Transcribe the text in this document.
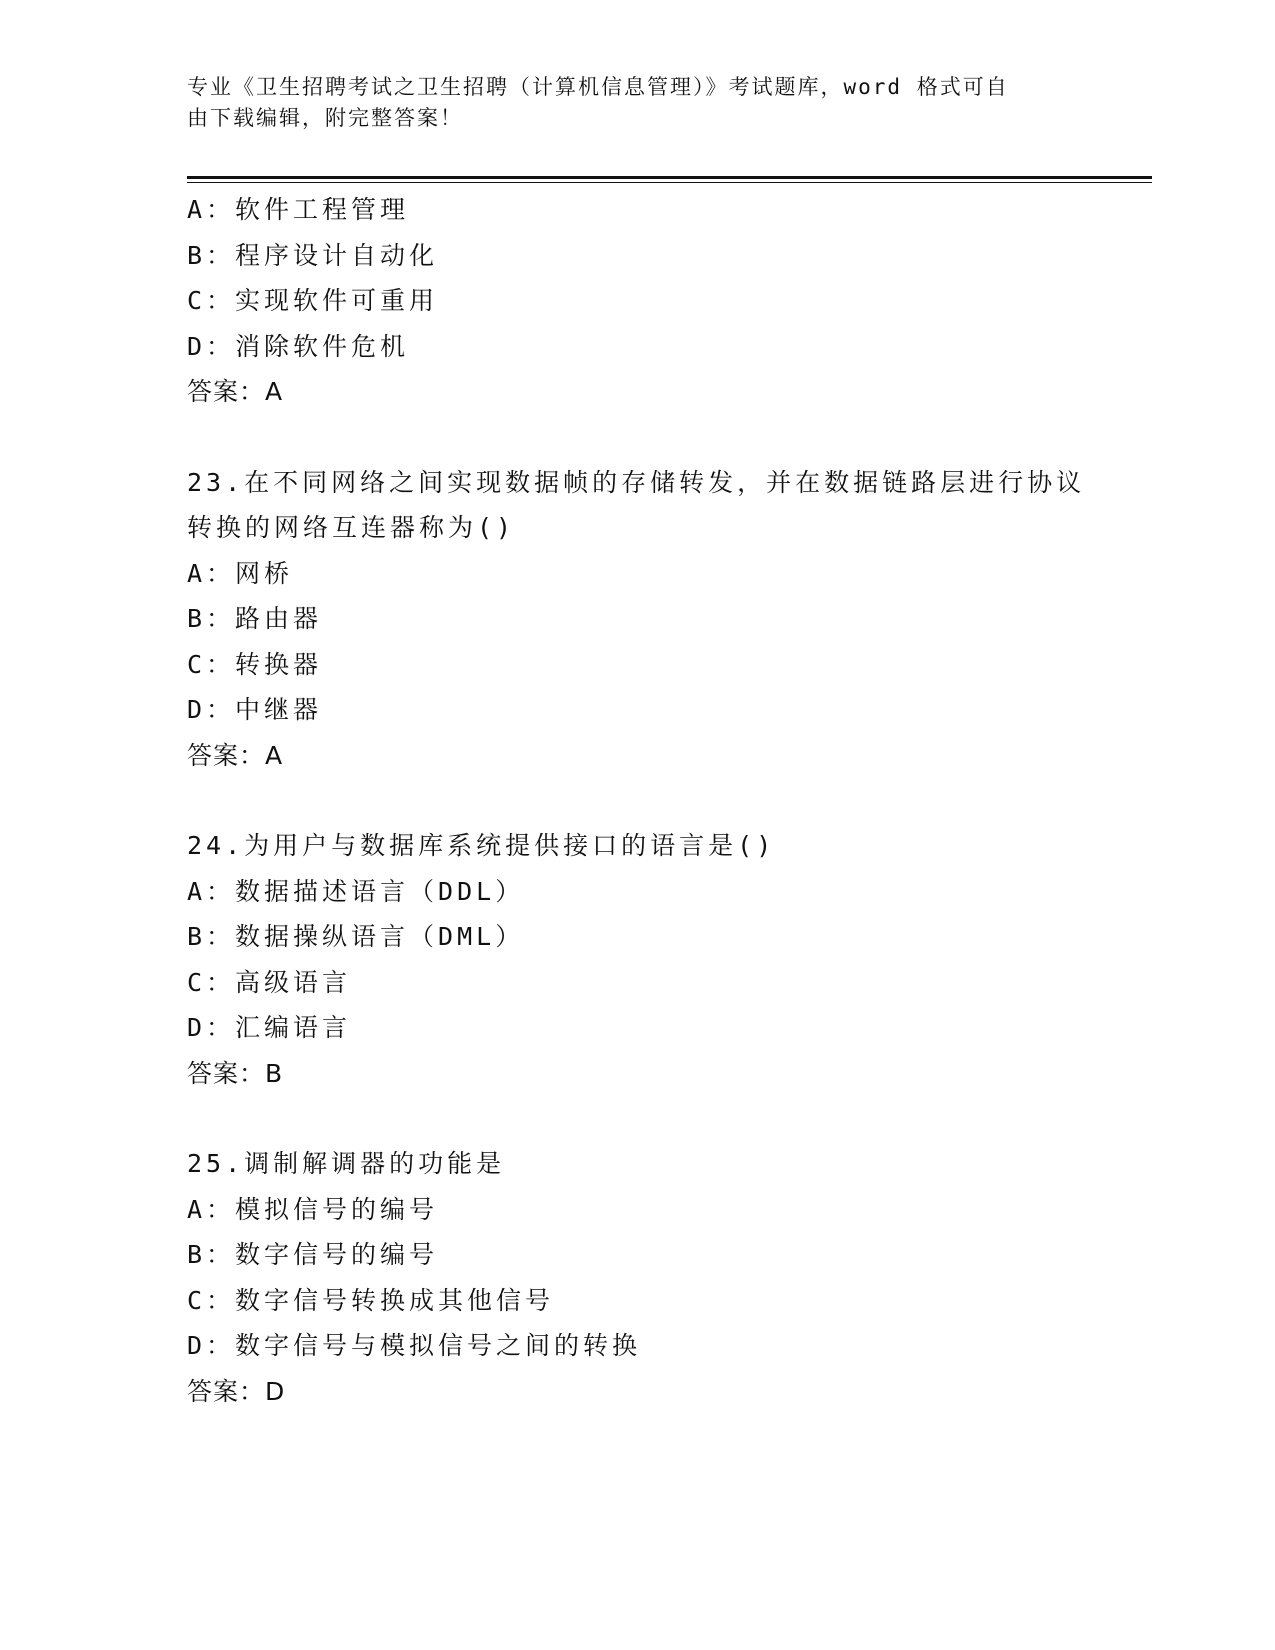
专业《卫生招聘考试之卫生招聘（计算机信息管理）》考试题库，word 格式可自
由下载编辑，附完整答案！
A：软件工程管理
B：程序设计自动化
C：实现软件可重用
D：消除软件危机
答案：A
23.在不同网络之间实现数据帧的存储转发，并在数据链路层进行协议
转换的网络互连器称为()
A：网桥
B：路由器
C：转换器
D：中继器
答案：A
24.为用户与数据库系统提供接口的语言是()
A：数据描述语言（DDL）
B：数据操纵语言（DML）
C：高级语言
D：汇编语言
答案：B
25.调制解调器的功能是
A：模拟信号的编号
B：数字信号的编号
C：数字信号转换成其他信号
D：数字信号与模拟信号之间的转换
答案：D
